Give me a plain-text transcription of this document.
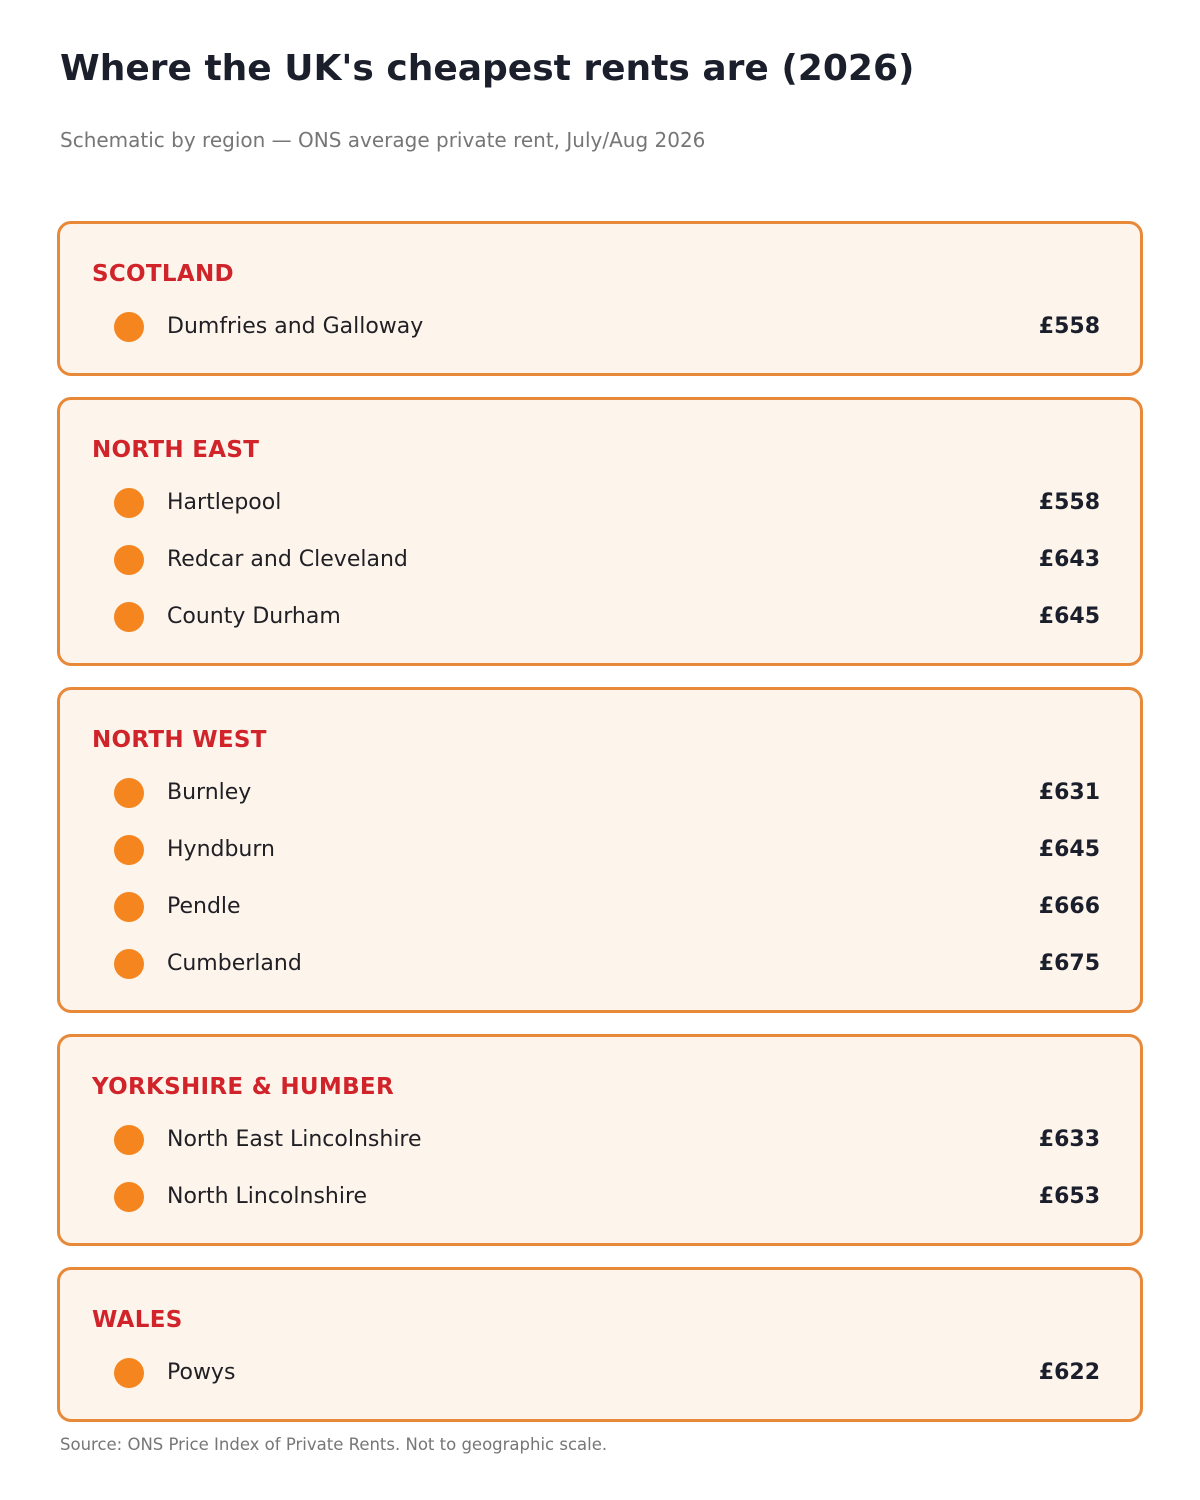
Where the UK's cheapest rents are (2026)

Schematic by region — ONS average private rent, July/Aug 2026

SCOTLAND
Dumfries and Galloway	£558
NORTH EAST
Hartlepool	£558
Redcar and Cleveland	£643
County Durham	£645
NORTH WEST
Burnley	£631
Hyndburn	£645
Pendle	£666
Cumberland	£675
YORKSHIRE & HUMBER
North East Lincolnshire	£633
North Lincolnshire	£653
WALES
Powys	£622

Source: ONS Price Index of Private Rents. Not to geographic scale.
